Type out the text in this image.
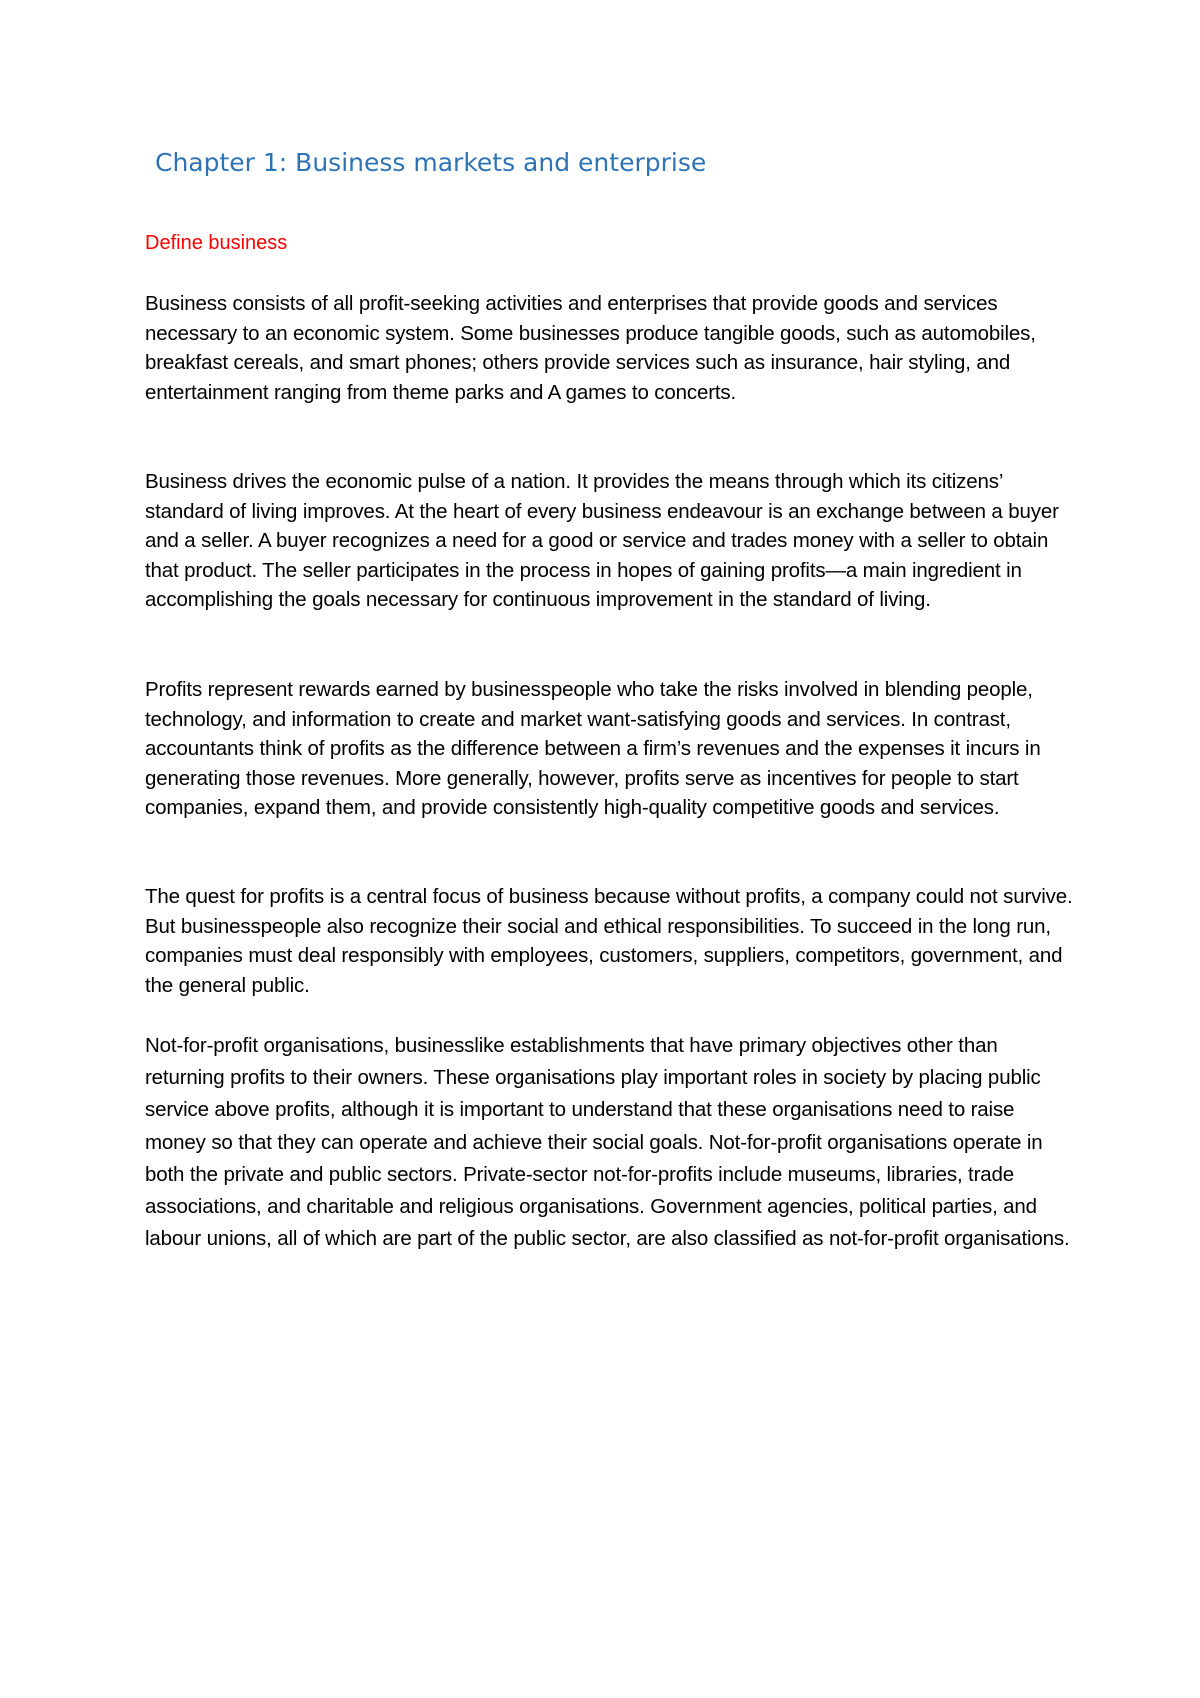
Chapter 1: Business markets and enterprise
Define business

Business consists of all profit-seeking activities and enterprises that provide goods and services necessary to an economic system. Some businesses produce tangible goods, such as automobiles, breakfast cereals, and smart phones; others provide services such as insurance, hair styling, and entertainment ranging from theme parks and A games to concerts.

Business drives the economic pulse of a nation. It provides the means through which its citizens’ standard of living improves. At the heart of every business endeavour is an exchange between a buyer and a seller. A buyer recognizes a need for a good or service and trades money with a seller to obtain that product. The seller participates in the process in hopes of gaining profits—a main ingredient in accomplishing the goals necessary for continuous improvement in the standard of living.

Profits represent rewards earned by businesspeople who take the risks involved in blending people, technology, and information to create and market want-satisfying goods and services. In contrast, accountants think of profits as the difference between a firm’s revenues and the expenses it incurs in generating those revenues. More generally, however, profits serve as incentives for people to start companies, expand them, and provide consistently high-quality competitive goods and services.

The quest for profits is a central focus of business because without profits, a company could not survive. But businesspeople also recognize their social and ethical responsibilities. To succeed in the long run, companies must deal responsibly with employees, customers, suppliers, competitors, government, and the general public.

Not-for-profit organisations, businesslike establishments that have primary objectives other than returning profits to their owners. These organisations play important roles in society by placing public service above profits, although it is important to understand that these organisations need to raise money so that they can operate and achieve their social goals. Not-for-profit organisations operate in both the private and public sectors. Private-sector not-for-profits include museums, libraries, trade associations, and charitable and religious organisations. Government agencies, political parties, and labour unions, all of which are part of the public sector, are also classified as not-for-profit organisations.
